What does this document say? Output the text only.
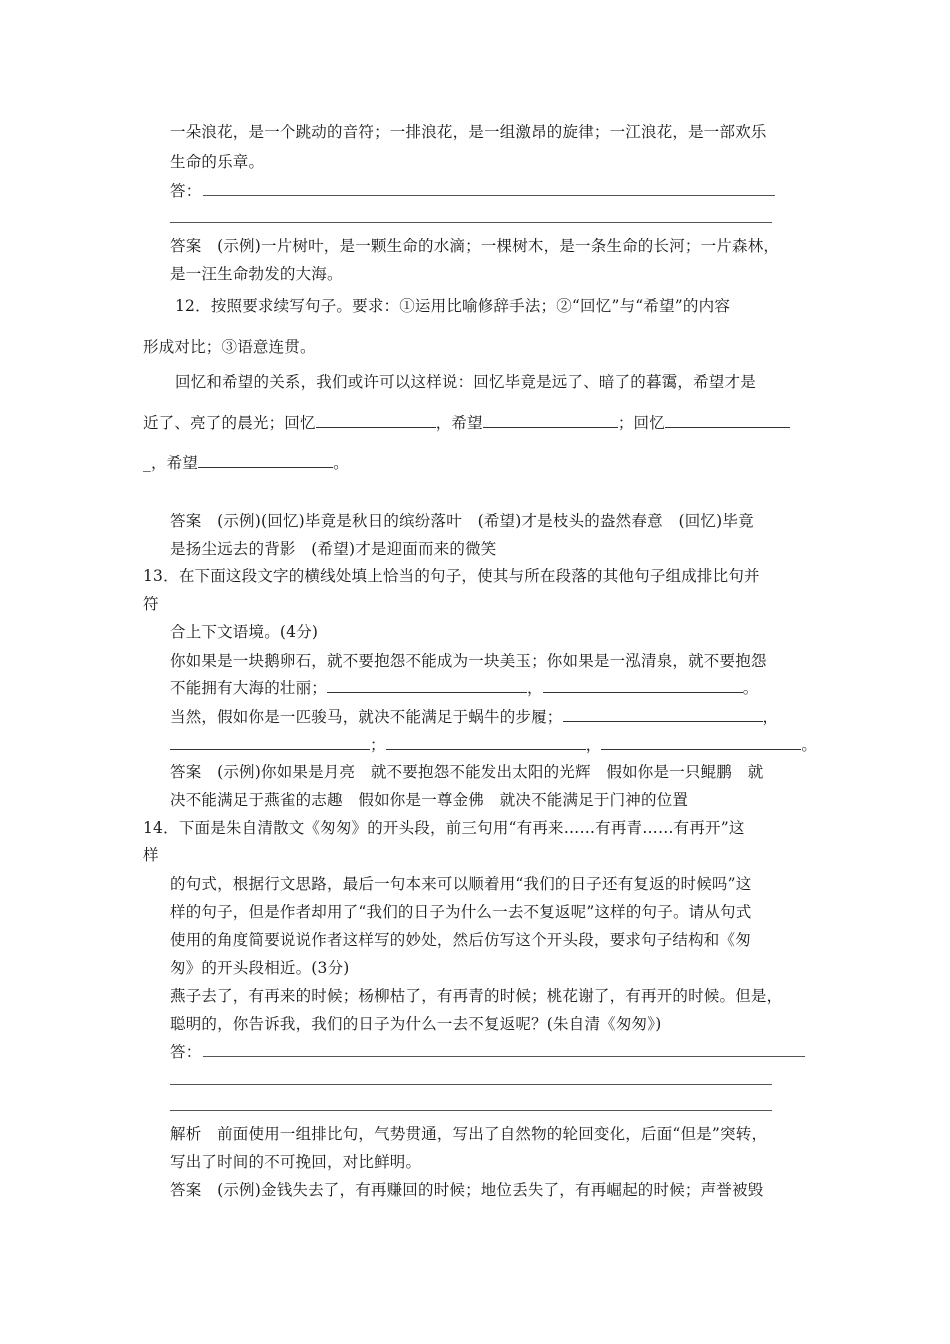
一朵浪花，是一个跳动的音符；一排浪花，是一组激昂的旋律；一江浪花，是一部欢乐
生命的乐章。
答：
答案　(示例)一片树叶，是一颗生命的水滴；一棵树木，是一条生命的长河；一片森林，
是一汪生命勃发的大海。
12．按照要求续写句子。要求：①运用比喻修辞手法；②“回忆”与“希望”的内容
形成对比；③语意连贯。
回忆和希望的关系，我们或许可以这样说：回忆毕竟是远了、暗了的暮霭，希望才是
近了、亮了的晨光；回忆	，希望	；回忆
_，希望	。
答案　(示例)(回忆)毕竟是秋日的缤纷落叶　(希望)才是枝头的盎然春意　(回忆)毕竟
是扬尘远去的背影　(希望)才是迎面而来的微笑
13．在下面这段文字的横线处填上恰当的句子，使其与所在段落的其他句子组成排比句并
符
合上下文语境。(4分)
你如果是一块鹅卵石，就不要抱怨不能成为一块美玉；你如果是一泓清泉，就不要抱怨
不能拥有大海的壮丽；	，	。
当然，假如你是一匹骏马，就决不能满足于蜗牛的步履；	，
；	，	。
答案　(示例)你如果是月亮　就不要抱怨不能发出太阳的光辉　假如你是一只鲲鹏　就
决不能满足于燕雀的志趣　假如你是一尊金佛　就决不能满足于门神的位置
14．下面是朱自清散文《匆匆》的开头段，前三句用“有再来……有再青……有再开”这
样
的句式，根据行文思路，最后一句本来可以顺着用“我们的日子还有复返的时候吗”这
样的句子，但是作者却用了“我们的日子为什么一去不复返呢”这样的句子。请从句式
使用的角度简要说说作者这样写的妙处，然后仿写这个开头段，要求句子结构和《匆
匆》的开头段相近。(3分)
燕子去了，有再来的时候；杨柳枯了，有再青的时候；桃花谢了，有再开的时候。但是，
聪明的，你告诉我，我们的日子为什么一去不复返呢？(朱自清《匆匆》)
答：
解析　前面使用一组排比句，气势贯通，写出了自然物的轮回变化，后面“但是”突转，
写出了时间的不可挽回，对比鲜明。
答案　(示例)金钱失去了，有再赚回的时候；地位丢失了，有再崛起的时候；声誉被毁
